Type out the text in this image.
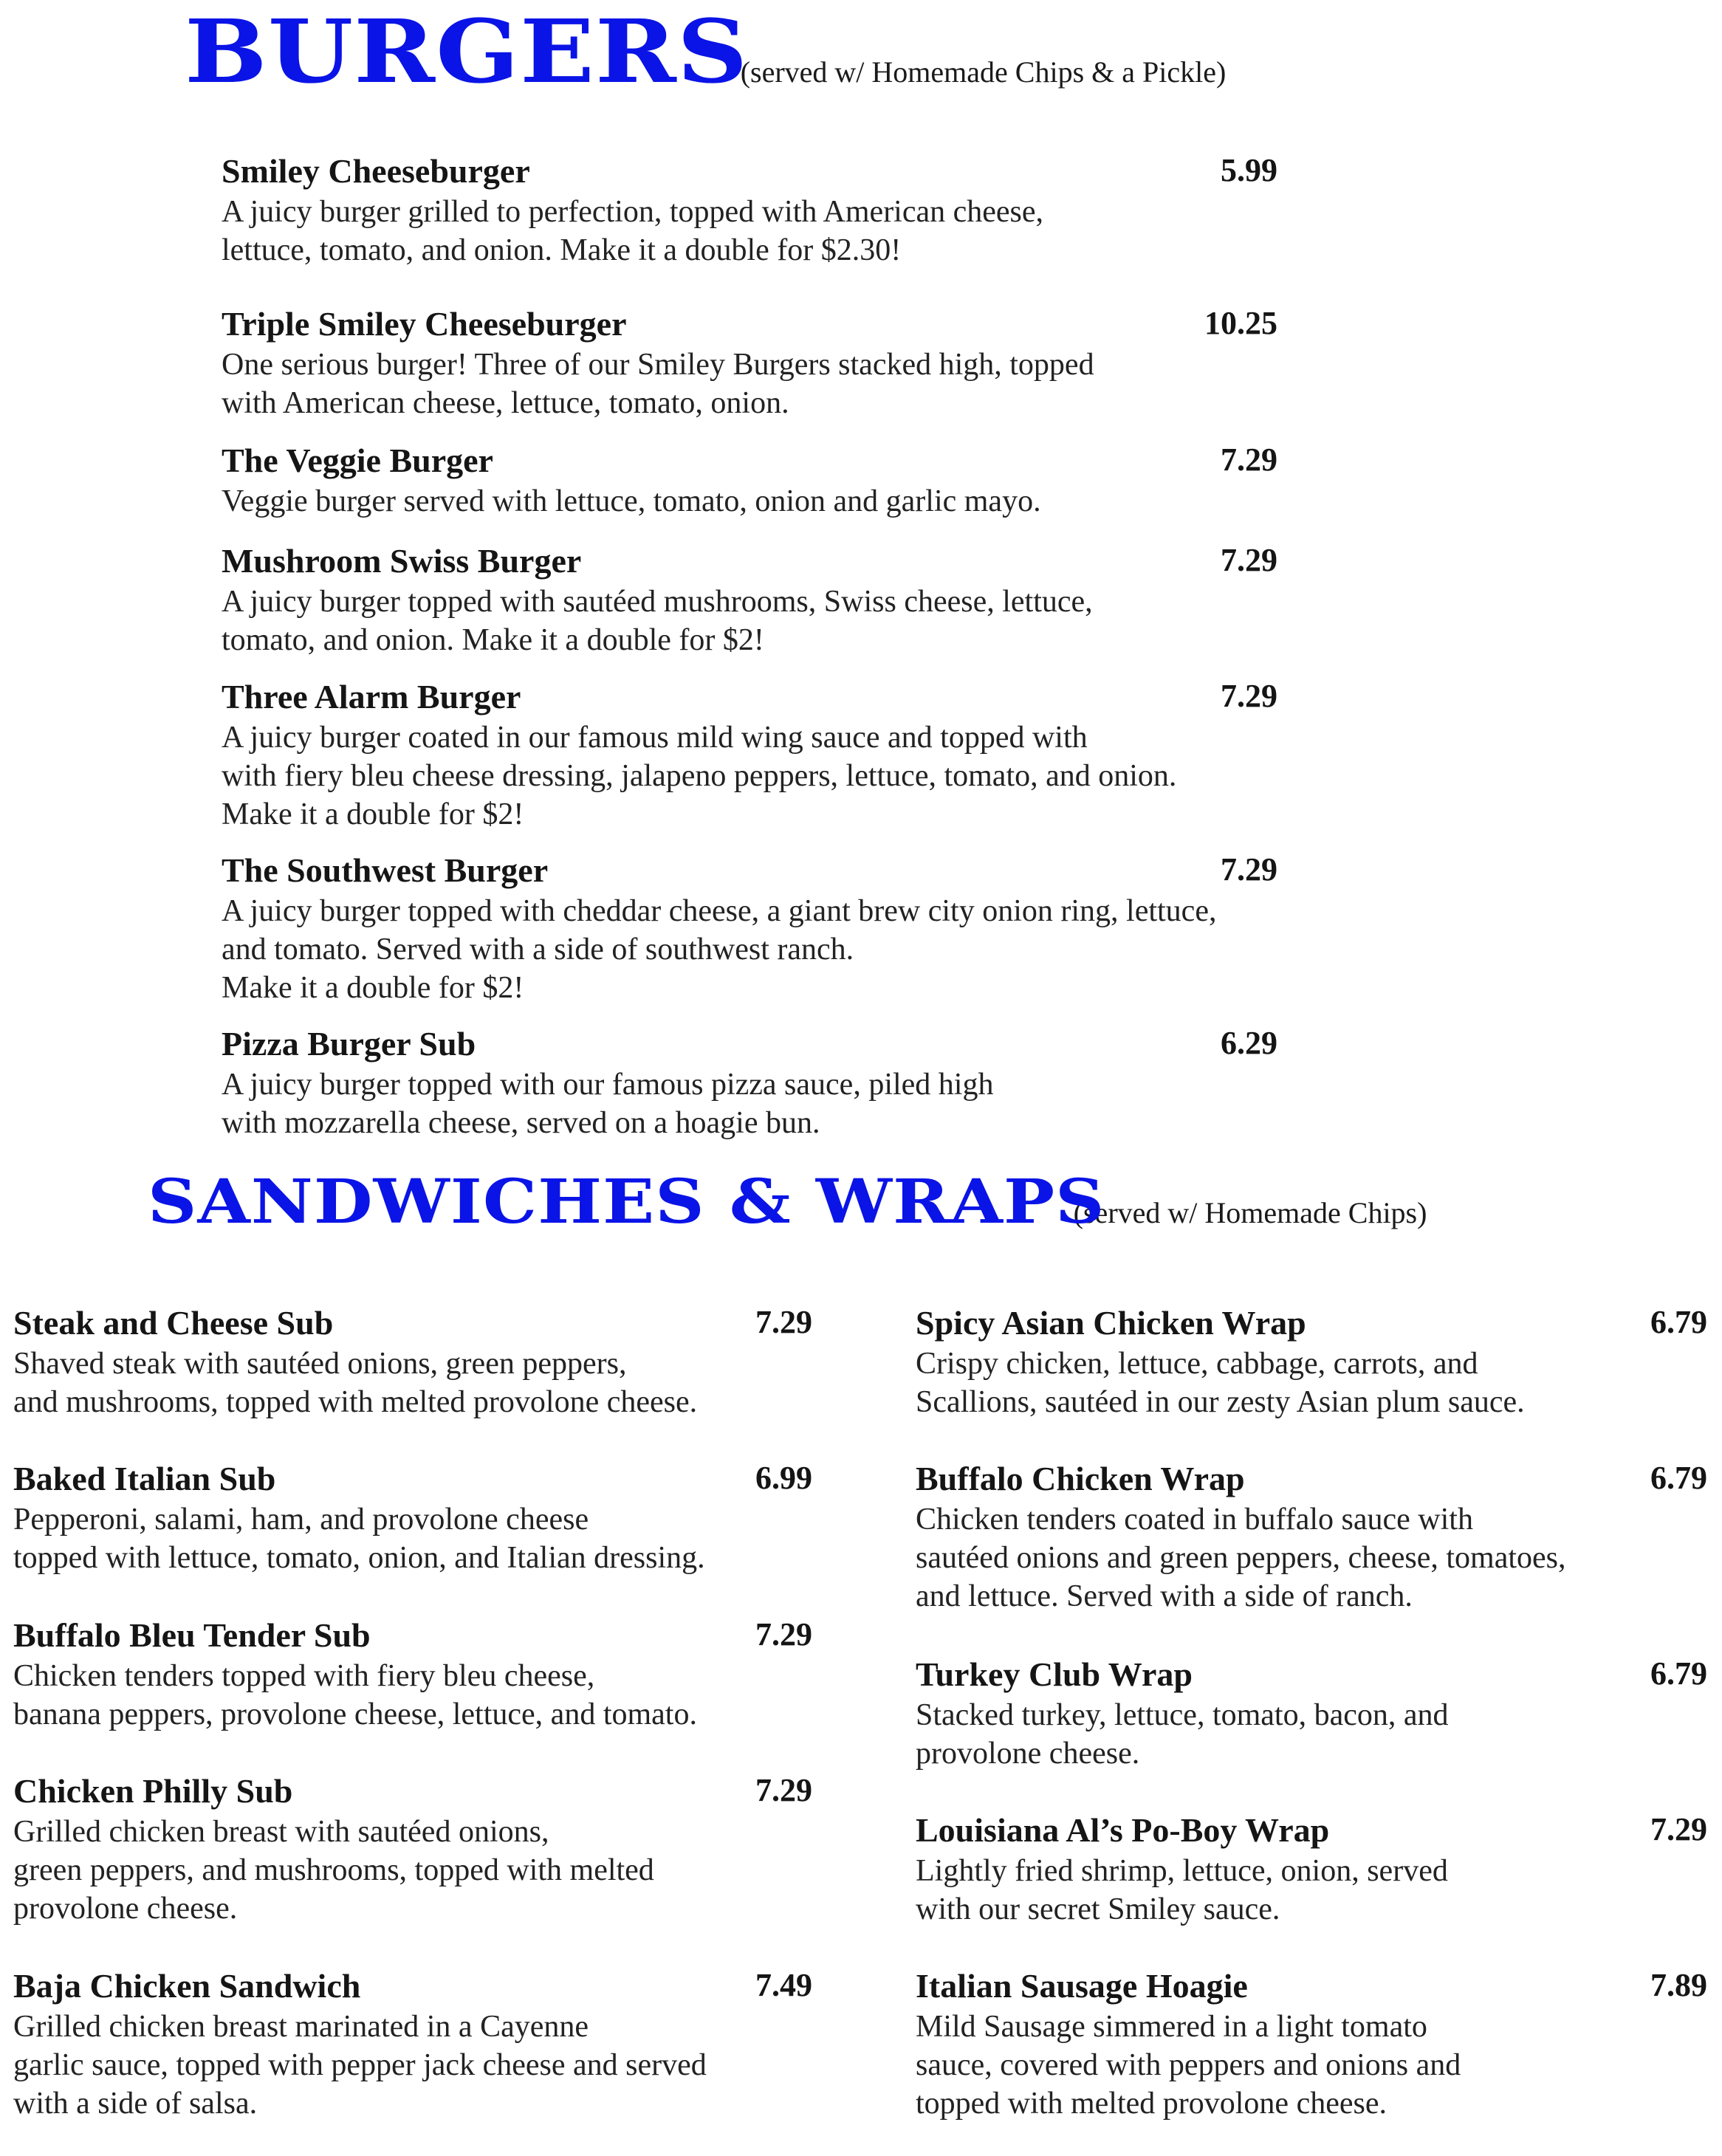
BURGERS(served w/ Homemade Chips & a Pickle)
Smiley Cheeseburger	5.99
A juicy burger grilled to perfection, topped with American cheese,
lettuce, tomato, and onion. Make it a double for $2.30!
Triple Smiley Cheeseburger	10.25
One serious burger! Three of our Smiley Burgers stacked high, topped
with American cheese, lettuce, tomato, onion.
The Veggie Burger	7.29
Veggie burger served with lettuce, tomato, onion and garlic mayo.
Mushroom Swiss Burger	7.29
A juicy burger topped with sautéed mushrooms, Swiss cheese, lettuce,
tomato, and onion. Make it a double for $2!
Three Alarm Burger	7.29
A juicy burger coated in our famous mild wing sauce and topped with
with fiery bleu cheese dressing, jalapeno peppers, lettuce, tomato, and onion.
Make it a double for $2!
The Southwest Burger	7.29
A juicy burger topped with cheddar cheese, a giant brew city onion ring, lettuce,
and tomato. Served with a side of southwest ranch.
Make it a double for $2!
Pizza Burger Sub	6.29
A juicy burger topped with our famous pizza sauce, piled high
with mozzarella cheese, served on a hoagie bun.
SANDWICHES & WRAPS(served w/ Homemade Chips)
Steak and Cheese Sub	7.29
Shaved steak with sautéed onions, green peppers,
and mushrooms, topped with melted provolone cheese.
Baked Italian Sub	6.99
Pepperoni, salami, ham, and provolone cheese
topped with lettuce, tomato, onion, and Italian dressing.
Buffalo Bleu Tender Sub	7.29
Chicken tenders topped with fiery bleu cheese,
banana peppers, provolone cheese, lettuce, and tomato.
Chicken Philly Sub	7.29
Grilled chicken breast with sautéed onions,
green peppers, and mushrooms, topped with melted
provolone cheese.
Baja Chicken Sandwich	7.49
Grilled chicken breast marinated in a Cayenne
garlic sauce, topped with pepper jack cheese and served
with a side of salsa.
Spicy Asian Chicken Wrap	6.79
Crispy chicken, lettuce, cabbage, carrots, and
Scallions, sautéed in our zesty Asian plum sauce.
Buffalo Chicken Wrap	6.79
Chicken tenders coated in buffalo sauce with
sautéed onions and green peppers, cheese, tomatoes,
and lettuce. Served with a side of ranch.
Turkey Club Wrap	6.79
Stacked turkey, lettuce, tomato, bacon, and
provolone cheese.
Louisiana Al’s Po-Boy Wrap	7.29
Lightly fried shrimp, lettuce, onion, served
with our secret Smiley sauce.
Italian Sausage Hoagie	7.89
Mild Sausage simmered in a light tomato
sauce, covered with peppers and onions and
topped with melted provolone cheese.
